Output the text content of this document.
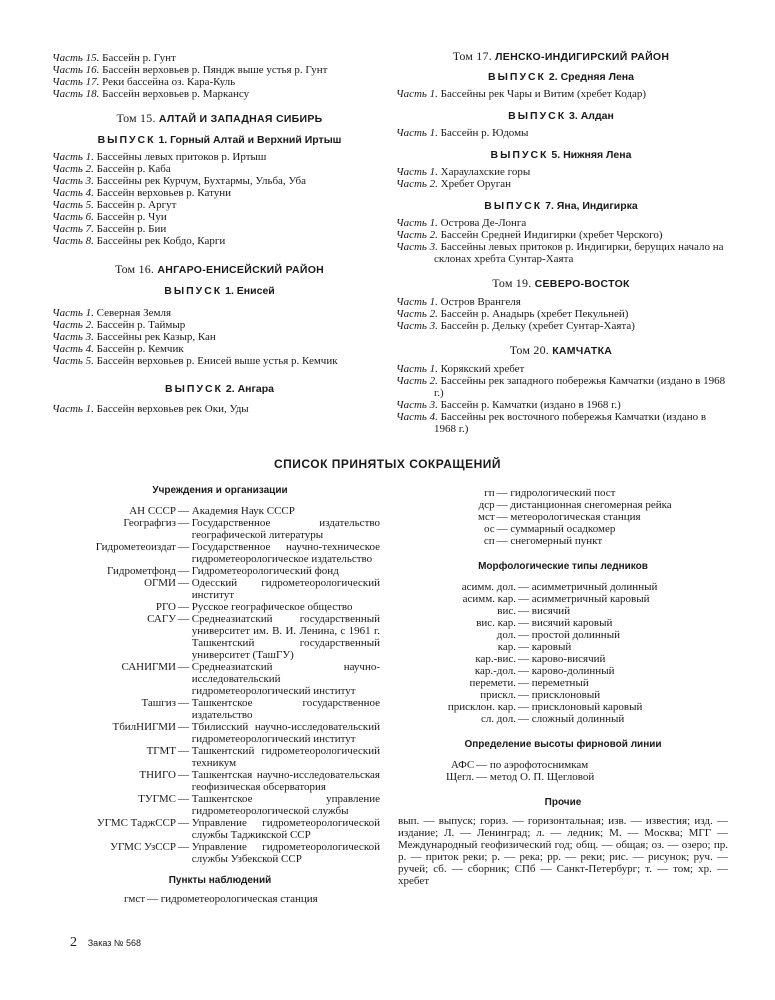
Часть 15. Бассейн р. Гунт
Часть 16. Бассейн верховьев р. Пяндж выше устья р. Гунт
Часть 17. Реки бассейна оз. Кара-Куль
Часть 18. Бассейн верховьев р. Маркансу
Том 15. АЛТАЙ И ЗАПАДНАЯ СИБИРЬ
ВЫПУСК 1. Горный Алтай и Верхний Иртыш
Часть 1. Бассейны левых притоков р. Иртыш
Часть 2. Бассейн р. Каба
Часть 3. Бассейны рек Курчум, Бухтармы, Ульба, Уба
Часть 4. Бассейн верховьев р. Катуни
Часть 5. Бассейн р. Аргут
Часть 6. Бассейн р. Чуи
Часть 7. Бассейн р. Бии
Часть 8. Бассейны рек Кобдо, Карги
Том 16. АНГАРО-ЕНИСЕЙСКИЙ РАЙОН
ВЫПУСК 1. Енисей
Часть 1. Северная Земля
Часть 2. Бассейн р. Таймыр
Часть 3. Бассейны рек Казыр, Кан
Часть 4. Бассейн р. Кемчик
Часть 5. Бассейн верховьев р. Енисей выше устья р. Кемчик
ВЫПУСК 2. Ангара
Часть 1. Бассейн верховьев рек Оки, Уды
Том 17. ЛЕНСКО-ИНДИГИРСКИЙ РАЙОН
ВЫПУСК 2. Средняя Лена
Часть 1. Бассейны рек Чары и Витим (хребет Кодар)
ВЫПУСК 3. Алдан
Часть 1. Бассейн р. Юдомы
ВЫПУСК 5. Нижняя Лена
Часть 1. Хараулахские горы
Часть 2. Хребет Оруган
ВЫПУСК 7. Яна, Индигирка
Часть 1. Острова Де-Лонга
Часть 2. Бассейн Средней Индигирки (хребет Черского)
Часть 3. Бассейны левых притоков р. Индигирки, берущих начало на склонах хребта Сунтар-Хаята
Том 19. СЕВЕРО-ВОСТОК
Часть 1. Остров Врангеля
Часть 2. Бассейн р. Анадырь (хребет Пекульней)
Часть 3. Бассейн р. Дельку (хребет Сунтар-Хаята)
Том 20. КАМЧАТКА
Часть 1. Корякский хребет
Часть 2. Бассейны рек западного побережья Камчатки (издано в 1968 г.)
Часть 3. Бассейн р. Камчатки (издано в 1968 г.)
Часть 4. Бассейны рек восточного побережья Камчатки (издано в 1968 г.)
СПИСОК ПРИНЯТЫХ СОКРАЩЕНИЙ
Учреждения и организации
АН СССР	—	Академия Наук СССР
Географгиз	—	Государственное издательство географической литературы
Гидрометеоиздат	—	Государственное научно-техническое гидрометеорологическое издательство
Гидрометфонд	—	Гидрометеорологический фонд
ОГМИ	—	Одесский гидрометеорологический институт
РГО	—	Русское географическое общество
САГУ	—	Среднеазиатский государственный университет им. В. И. Ленина, с 1961 г. Ташкентский государственный университет (ТашГУ)
САНИГМИ	—	Среднеазиатский научно-исследовательский гидрометеорологический институт
Ташгиз	—	Ташкентское государственное издательство
ТбилНИГМИ	—	Тбилисский научно-исследовательский гидрометеорологический институт
ТГМТ	—	Ташкентский гидрометеорологический техникум
ТНИГО	—	Ташкентская научно-исследовательская геофизическая обсерватория
ТУГМС	—	Ташкентское управление гидрометеорологической службы
УГМС ТаджССР	—	Управление гидрометеорологической службы Таджикской ССР
УГМС УзССР	—	Управление гидрометеорологической службы Узбекской ССР
Пункты наблюдений
гмст	—	гидрометеорологическая станция
гп	—	гидрологический пост
дср	—	дистанционная снегомерная рейка
мст	—	метеорологическая станция
ос	—	суммарный осадкомер
сп	—	снегомерный пункт
Морфологические типы ледников
асимм. дол.	—	асимметричный долинный
асимм. кар.	—	асимметричный каровый
вис.	—	висячий
вис. кар.	—	висячий каровый
дол.	—	простой долинный
кар.	—	каровый
кар.-вис.	—	карово-висячий
кар.-дол.	—	карово-долинный
перемети.	—	переметный
прискл.	—	присклоновый
присклон. кар.	—	присклоновый каровый
сл. дол.	—	сложный долинный
Определение высоты фирновой линии
АФС	—	по аэрофотоснимкам
Щегл.	—	метод О. П. Щегловой
Прочие
вып. — выпуск; гориз. — горизонтальная; изв. — известия; изд. — издание; Л. — Ленинград; л. — ледник; М. — Москва; МГГ — Международный геофизический год; общ. — общая; оз. — озеро; пр. р. — приток реки; р. — река; рр. — реки; рис. — рисунок; руч. — ручей; сб. — сборник; СПб — Санкт-Петербург; т. — том; хр. — хребет
2 Заказ № 568
